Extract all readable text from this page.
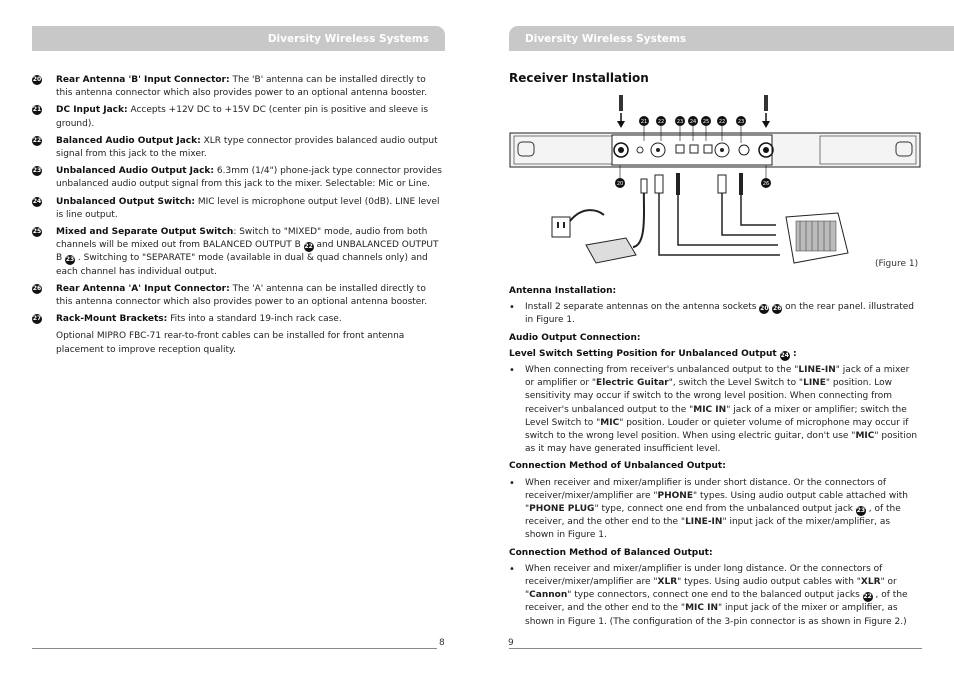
Diversity Wireless Systems
20 Rear Antenna 'B' Input Connector: The 'B' antenna can be installed directly to this antenna connector which also provides power to an optional antenna booster.
21 DC Input Jack: Accepts +12V DC to +15V DC (center pin is positive and sleeve is ground).
22 Balanced Audio Output Jack: XLR type connector provides balanced audio output signal from this jack to the mixer.
23 Unbalanced Audio Output Jack: 6.3mm (1/4") phone-jack type connector provides unbalanced audio output signal from this jack to the mixer. Selectable: Mic or Line.
24 Unbalanced Output Switch: MIC level is microphone output level (0dB). LINE level is line output.
25 Mixed and Separate Output Switch: Switch to "MIXED" mode, audio from both channels will be mixed out from BALANCED OUTPUT B 22 and UNBALANCED OUTPUT B 23 . Switching to "SEPARATE" mode (available in dual & quad channels only) and each channel has individual output.
26 Rear Antenna 'A' Input Connector: The 'A' antenna can be installed directly to this antenna connector which also provides power to an optional antenna booster.
27 Rack-Mount Brackets: Fits into a standard 19-inch rack case.
Optional MIPRO FBC-71 rear-to-front cables can be installed for front antenna placement to improve reception quality.
8
Diversity Wireless Systems
Receiver Installation
21 22	23 24 25 22	23
20	26
(Figure 1)
Antenna Installation:
• Install 2 separate antennas on the antenna sockets 20 26 on the rear panel. illustrated in Figure 1.
Audio Output Connection:
Level Switch Setting Position for Unbalanced Output 24 :
• When connecting from receiver's unbalanced output to the "LINE-IN" jack of a mixer or amplifier or "Electric Guitar", switch the Level Switch to "LINE" position. Low sensitivity may occur if switch to the wrong level position. When connecting from receiver's unbalanced output to the "MIC IN" jack of a mixer or amplifier; switch the Level Switch to "MIC" position. Louder or quieter volume of microphone may occur if switch to the wrong level position. When using electric guitar, don't use "MIC" position as it may have generated insufficient level.
Connection Method of Unbalanced Output:
• When receiver and mixer/amplifier is under short distance. Or the connectors of receiver/mixer/amplifier are "PHONE" types. Using audio output cable attached with "PHONE PLUG" type, connect one end from the unbalanced output jack 23 , of the receiver, and the other end to the "LINE-IN" input jack of the mixer/amplifier, as shown in Figure 1.
Connection Method of Balanced Output:
• When receiver and mixer/amplifier is under long distance. Or the connectors of receiver/mixer/amplifier are "XLR" types. Using audio output cables with "XLR" or "Cannon" type connectors, connect one end to the balanced output jacks 22 , of the receiver, and the other end to the "MIC IN" input jack of the mixer or amplifier, as shown in Figure 1. (The configuration of the 3-pin connector is as shown in Figure 2.)
9
